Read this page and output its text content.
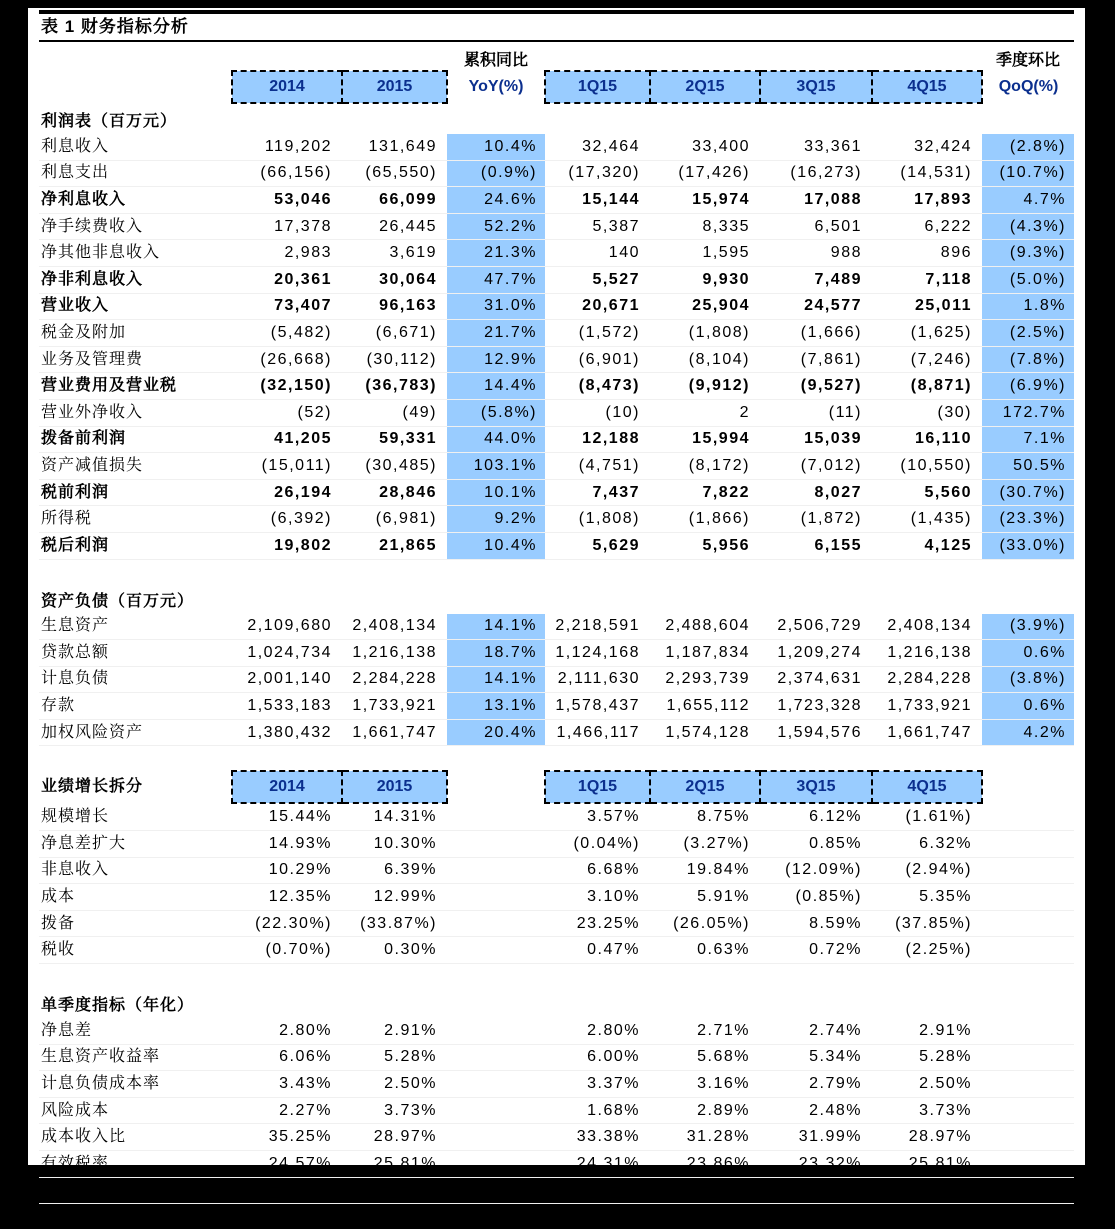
表 1 财务指标分析
			累积同比					季度环比
	2014	2015	YoY(%)	1Q15	2Q15	3Q15	4Q15	QoQ(%)
利润表（百万元）								
利息收入	119,202	131,649	10.4%	32,464	33,400	33,361	32,424	(2.8%)
利息支出	(66,156)	(65,550)	(0.9%)	(17,320)	(17,426)	(16,273)	(14,531)	(10.7%)
净利息收入	53,046	66,099	24.6%	15,144	15,974	17,088	17,893	4.7%
净手续费收入	17,378	26,445	52.2%	5,387	8,335	6,501	6,222	(4.3%)
净其他非息收入	2,983	3,619	21.3%	140	1,595	988	896	(9.3%)
净非利息收入	20,361	30,064	47.7%	5,527	9,930	7,489	7,118	(5.0%)
营业收入	73,407	96,163	31.0%	20,671	25,904	24,577	25,011	1.8%
税金及附加	(5,482)	(6,671)	21.7%	(1,572)	(1,808)	(1,666)	(1,625)	(2.5%)
业务及管理费	(26,668)	(30,112)	12.9%	(6,901)	(8,104)	(7,861)	(7,246)	(7.8%)
营业费用及营业税	(32,150)	(36,783)	14.4%	(8,473)	(9,912)	(9,527)	(8,871)	(6.9%)
营业外净收入	(52)	(49)	(5.8%)	(10)	2	(11)	(30)	172.7%
拨备前利润	41,205	59,331	44.0%	12,188	15,994	15,039	16,110	7.1%
资产减值损失	(15,011)	(30,485)	103.1%	(4,751)	(8,172)	(7,012)	(10,550)	50.5%
税前利润	26,194	28,846	10.1%	7,437	7,822	8,027	5,560	(30.7%)
所得税	(6,392)	(6,981)	9.2%	(1,808)	(1,866)	(1,872)	(1,435)	(23.3%)
税后利润	19,802	21,865	10.4%	5,629	5,956	6,155	4,125	(33.0%)
资产负债（百万元）								
生息资产	2,109,680	2,408,134	14.1%	2,218,591	2,488,604	2,506,729	2,408,134	(3.9%)
贷款总额	1,024,734	1,216,138	18.7%	1,124,168	1,187,834	1,209,274	1,216,138	0.6%
计息负债	2,001,140	2,284,228	14.1%	2,111,630	2,293,739	2,374,631	2,284,228	(3.8%)
存款	1,533,183	1,733,921	13.1%	1,578,437	1,655,112	1,723,328	1,733,921	0.6%
加权风险资产	1,380,432	1,661,747	20.4%	1,466,117	1,574,128	1,594,576	1,661,747	4.2%
业绩增长拆分	2014	2015		1Q15	2Q15	3Q15	4Q15	
规模增长	15.44%	14.31%		3.57%	8.75%	6.12%	(1.61%)	
净息差扩大	14.93%	10.30%		(0.04%)	(3.27%)	0.85%	6.32%	
非息收入	10.29%	6.39%		6.68%	19.84%	(12.09%)	(2.94%)	
成本	12.35%	12.99%		3.10%	5.91%	(0.85%)	5.35%	
拨备	(22.30%)	(33.87%)		23.25%	(26.05%)	8.59%	(37.85%)	
税收	(0.70%)	0.30%		0.47%	0.63%	0.72%	(2.25%)	
单季度指标（年化）								
净息差	2.80%	2.91%		2.80%	2.71%	2.74%	2.91%	
生息资产收益率	6.06%	5.28%		6.00%	5.68%	5.34%	5.28%	
计息负债成本率	3.43%	2.50%		3.37%	3.16%	2.79%	2.50%	
风险成本	2.27%	3.73%		1.68%	2.89%	2.48%	3.73%	
成本收入比	35.25%	28.97%		33.38%	31.28%	31.99%	28.97%	
有效税率	24.57%	25.81%		24.31%	23.86%	23.32%	25.81%	
单季度测算不良净生成率				2.20%	2.21%	3.16%	3.15%	
资料来源：公司年报、中报和季报（2014-2015），海通证券研究所
